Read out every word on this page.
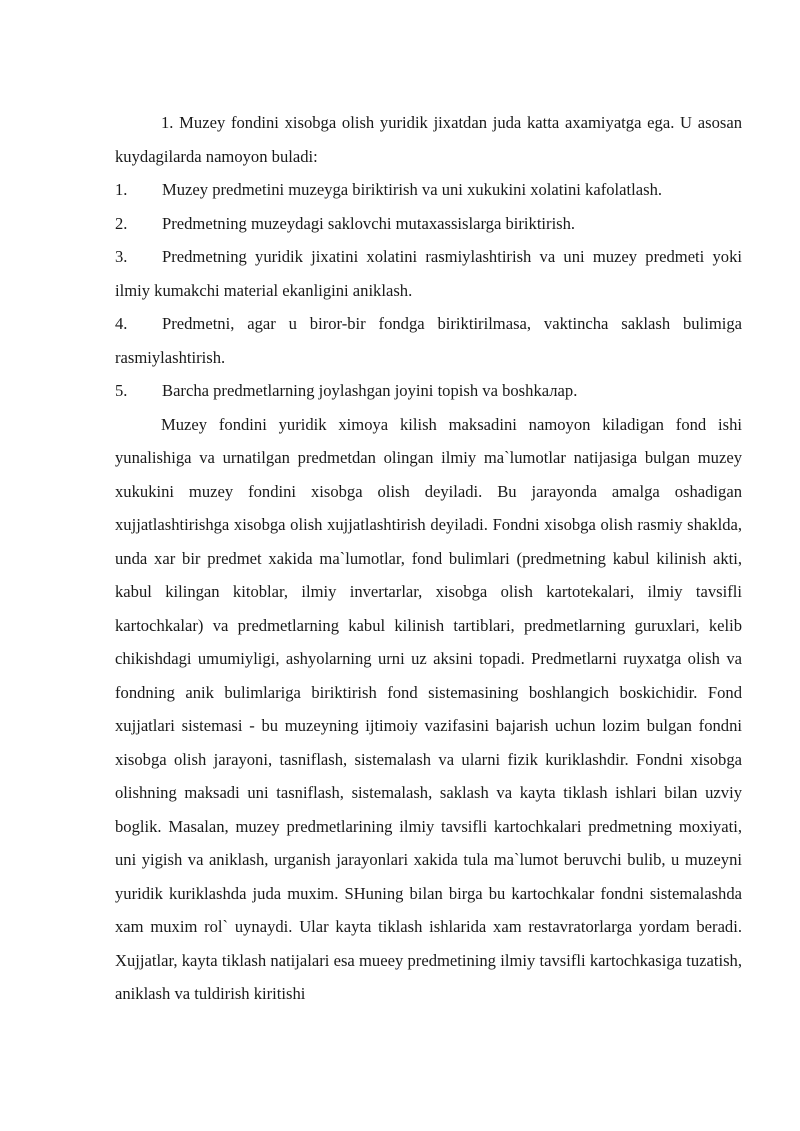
1. Muzey fondini xisobga olish yuridik jixatdan juda katta axamiyatga ega. U asosan kuydagilarda namoyon buladi:

1. Muzey predmetini muzeyga biriktirish va uni xukukini xolatini kafolatlash.

2. Predmetning muzeydagi saklovchi mutaxassislarga biriktirish.

3. Predmetning yuridik jixatini xolatini rasmiylashtirish va uni muzey predmeti yoki ilmiy kumakchi material ekanligini aniklash.

4. Predmetni, agar u biror-bir fondga biriktirilmasa, vaktincha saklash bulimiga rasmiylashtirish.

5. Barcha predmetlarning joylashgan joyini topish va boshkалар.

Muzey fondini yuridik ximoya kilish maksadini namoyon kiladigan fond ishi yunalishiga va urnatilgan predmetdan olingan ilmiy ma`lumotlar natijasiga bulgan muzey xukukini muzey fondini xisobga olish deyiladi. Bu jarayonda amalga oshadigan xujjatlashtirishga xisobga olish xujjatlashtirish deyiladi. Fondni xisobga olish rasmiy shaklda, unda xar bir predmet xakida ma`lumotlar, fond bulimlari (predmetning kabul kilinish akti, kabul kilingan kitoblar, ilmiy invertarlar, xisobga olish kartotekalari, ilmiy tavsifli kartochkalar) va predmetlarning kabul kilinish tartiblari, predmetlarning guruxlari, kelib chikishdagi umumiyligi, ashyolarning urni uz aksini topadi. Predmetlarni ruyxatga olish va fondning anik bulimlariga biriktirish fond sistemasining boshlangich boskichidir. Fond xujjatlari sistemasi - bu muzeyning ijtimoiy vazifasini bajarish uchun lozim bulgan fondni xisobga olish jarayoni, tasniflash, sistemalash va ularni fizik kuriklashdir. Fondni xisobga olishning maksadi uni tasniflash, sistemalash, saklash va kayta tiklash ishlari bilan uzviy boglik. Masalan, muzey predmetlarining ilmiy tavsifli kartochkalari predmetning moxiyati, uni yigish va aniklash, urganish jarayonlari xakida tula ma`lumot beruvchi bulib, u muzeyni yuridik kuriklashda juda muxim. SHuning bilan birga bu kartochkalar fondni sistemalashda xam muxim rol` uynaydi. Ular kayta tiklash ishlarida xam restavratorlarga yordam beradi. Xujjatlar, kayta tiklash natijalari esa mueey predmetining ilmiy tavsifli kartochkasiga tuzatish, aniklash va tuldirish kiritishi
